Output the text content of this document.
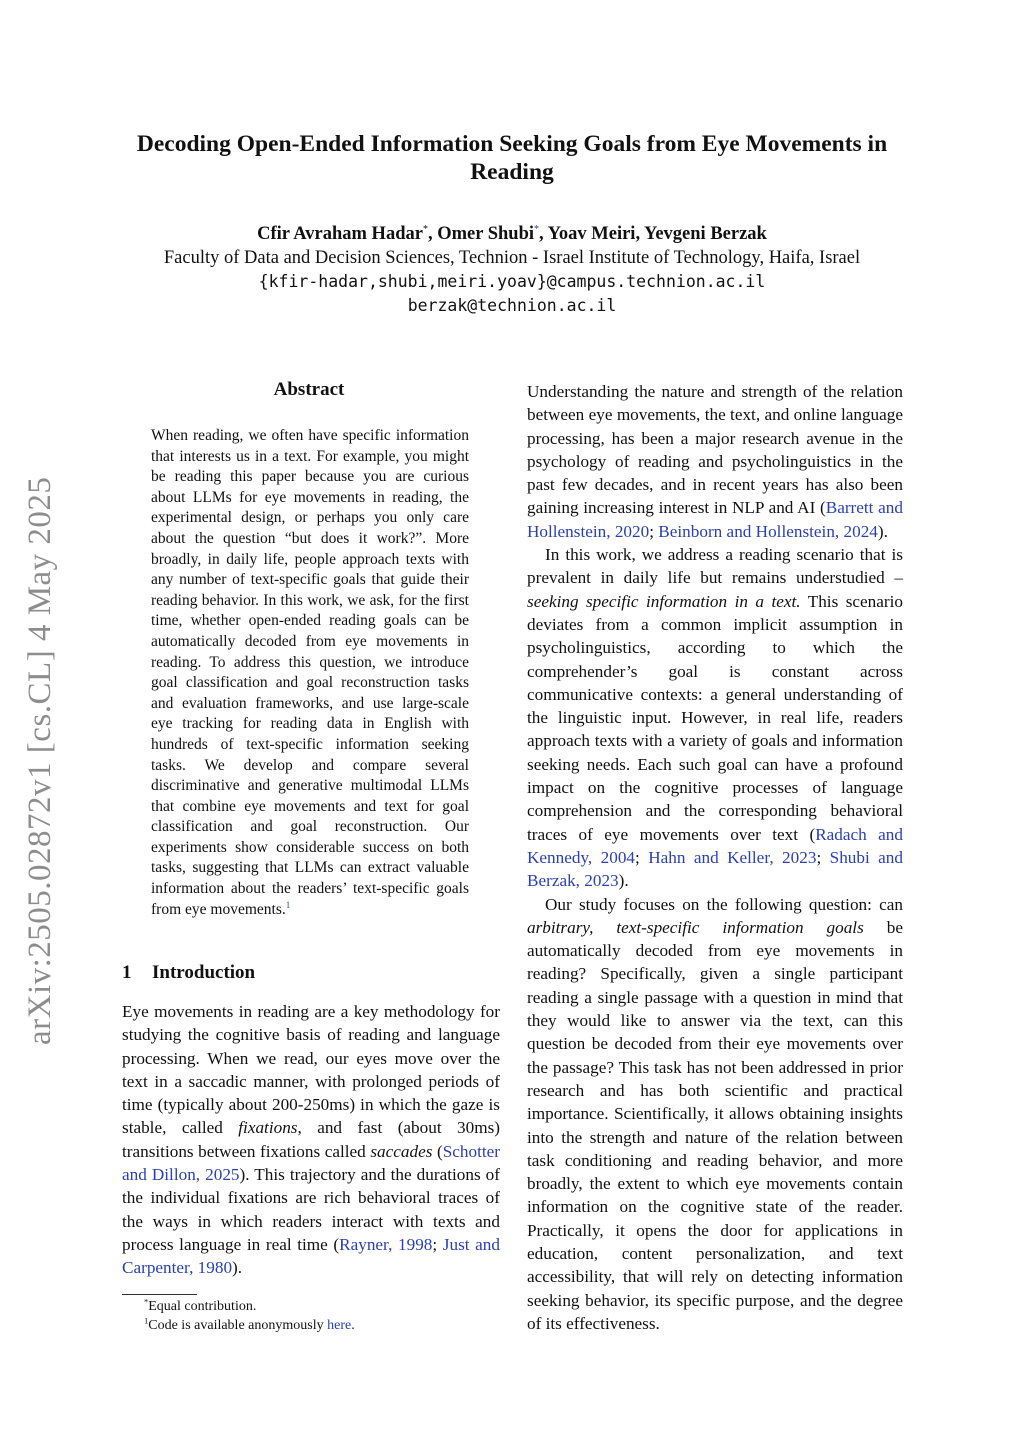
arXiv:2505.02872v1 [cs.CL] 4 May 2025
Decoding Open-Ended Information Seeking Goals from Eye Movements in Reading
Cfir Avraham Hadar*, Omer Shubi*, Yoav Meiri, Yevgeni Berzak
Faculty of Data and Decision Sciences, Technion - Israel Institute of Technology, Haifa, Israel
{kfir-hadar,shubi,meiri.yoav}@campus.technion.ac.il
berzak@technion.ac.il
Abstract

When reading, we often have specific information that interests us in a text. For example, you might be reading this paper because you are curious about LLMs for eye movements in reading, the experimental design, or perhaps you only care about the question “but does it work?”. More broadly, in daily life, people approach texts with any number of text-specific goals that guide their reading behavior. In this work, we ask, for the first time, whether open-ended reading goals can be automatically decoded from eye movements in reading. To address this question, we introduce goal classification and goal reconstruction tasks and evaluation frameworks, and use large-scale eye tracking for reading data in English with hundreds of text-specific information seeking tasks. We develop and compare several discriminative and generative multimodal LLMs that combine eye movements and text for goal classification and goal reconstruction. Our experiments show considerable success on both tasks, suggesting that LLMs can extract valuable information about the readers’ text-specific goals from eye movements.$^1$

1 Introduction

Eye movements in reading are a key methodology for studying the cognitive basis of reading and language processing. When we read, our eyes move over the text in a saccadic manner, with prolonged periods of time (typically about 200-250ms) in which the gaze is stable, called fixations, and fast (about 30ms) transitions between fixations called saccades (Schotter and Dillon, 2025). This trajectory and the durations of the individual fixations are rich behavioral traces of the ways in which readers interact with texts and process language in real time (Rayner, 1998; Just and Carpenter, 1980).

*Equal contribution.
$^1$Code is available anonymously here.

Understanding the nature and strength of the relation between eye movements, the text, and online language processing, has been a major research avenue in the psychology of reading and psycholinguistics in the past few decades, and in recent years has also been gaining increasing interest in NLP and AI (Barrett and Hollenstein, 2020; Beinborn and Hollenstein, 2024).

In this work, we address a reading scenario that is prevalent in daily life but remains understudied – seeking specific information in a text. This scenario deviates from a common implicit assumption in psycholinguistics, according to which the comprehender’s goal is constant across communicative contexts: a general understanding of the linguistic input. However, in real life, readers approach texts with a variety of goals and information seeking needs. Each such goal can have a profound impact on the cognitive processes of language comprehension and the corresponding behavioral traces of eye movements over text (Radach and Kennedy, 2004; Hahn and Keller, 2023; Shubi and Berzak, 2023).

Our study focuses on the following question: can arbitrary, text-specific information goals be automatically decoded from eye movements in reading? Specifically, given a single participant reading a single passage with a question in mind that they would like to answer via the text, can this question be decoded from their eye movements over the passage? This task has not been addressed in prior research and has both scientific and practical importance. Scientifically, it allows obtaining insights into the strength and nature of the relation between task conditioning and reading behavior, and more broadly, the extent to which eye movements contain information on the cognitive state of the reader. Practically, it opens the door for applications in education, content personalization, and text accessibility, that will rely on detecting information seeking behavior, its specific purpose, and the degree of its effectiveness.
